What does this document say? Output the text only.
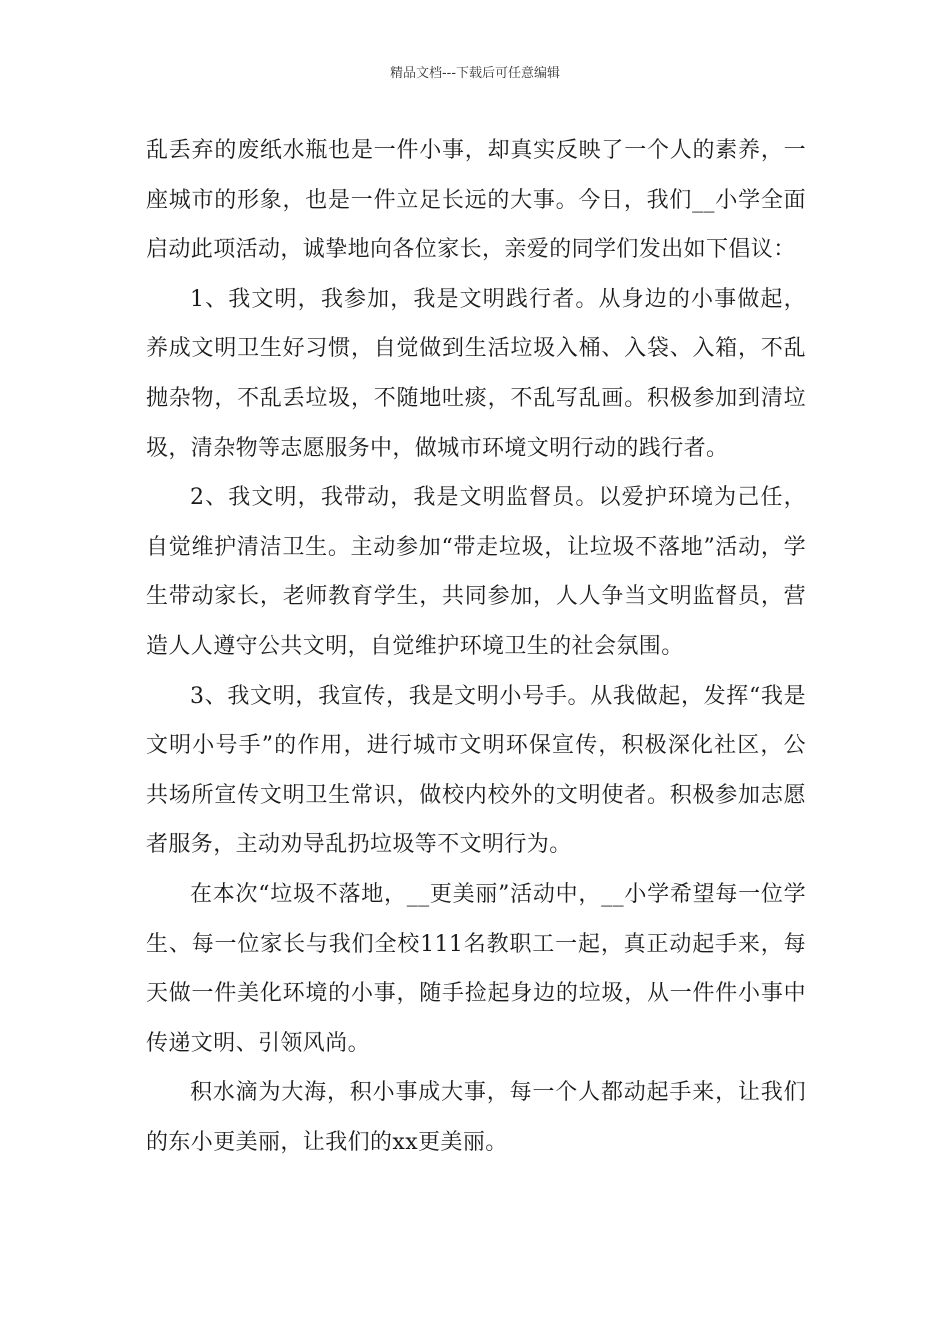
精品文档---下载后可任意编辑

乱丢弃的废纸水瓶也是一件小事，却真实反映了一个人的素养，一座城市的形象，也是一件立足长远的大事。今日，我们__小学全面启动此项活动，诚挚地向各位家长，亲爱的同学们发出如下倡议：

1、我文明，我参加，我是文明践行者。从身边的小事做起，养成文明卫生好习惯，自觉做到生活垃圾入桶、入袋、入箱，不乱抛杂物，不乱丢垃圾，不随地吐痰，不乱写乱画。积极参加到清垃圾，清杂物等志愿服务中，做城市环境文明行动的践行者。

2、我文明，我带动，我是文明监督员。以爱护环境为己任，自觉维护清洁卫生。主动参加“带走垃圾，让垃圾不落地”活动，学生带动家长，老师教育学生，共同参加，人人争当文明监督员，营造人人遵守公共文明，自觉维护环境卫生的社会氛围。

3、我文明，我宣传，我是文明小号手。从我做起，发挥“我是文明小号手”的作用，进行城市文明环保宣传，积极深化社区，公共场所宣传文明卫生常识，做校内校外的文明使者。积极参加志愿者服务，主动劝导乱扔垃圾等不文明行为。

在本次“垃圾不落地，__更美丽”活动中，__小学希望每一位学生、每一位家长与我们全校111名教职工一起，真正动起手来，每天做一件美化环境的小事，随手捡起身边的垃圾，从一件件小事中传递文明、引领风尚。

积水滴为大海，积小事成大事，每一个人都动起手来，让我们的东小更美丽，让我们的xx更美丽。
